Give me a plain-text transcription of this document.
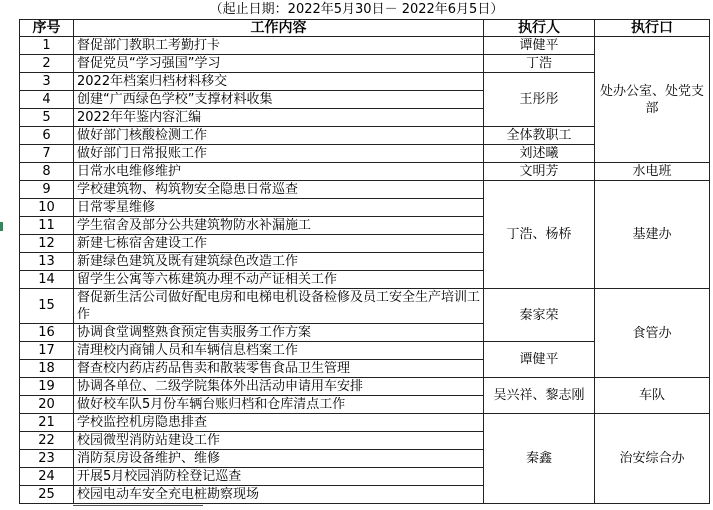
（起止日期：2022年5月30日－ 2022年6月5日）
序号	工作内容	执行人	执行口
1	督促部门教职工考勤打卡	谭健平	处办公室、处党支部
2	督促党员“学习强国”学习	丁浩	
3	2022年档案归档材料移交	王彤彤	
4	创建“广西绿色学校”支撑材料收集		
5	2022年年鉴内容汇编		
6	做好部门核酸检测工作	全体教职工	
7	做好部门日常报账工作	刘述曦	
8	日常水电维修维护	文明芳	水电班
9	学校建筑物、构筑物安全隐患日常巡查	丁浩、杨桥	基建办
10	日常零星维修		
11	学生宿舍及部分公共建筑物防水补漏施工		
12	新建七栋宿舍建设工作		
13	新建绿色建筑及既有建筑绿色改造工作		
14	留学生公寓等六栋建筑办理不动产证相关工作		
15	督促新生活公司做好配电房和电梯电机设备检修及员工安全生产培训工作	秦家荣	食管办
16	协调食堂调整熟食预定售卖服务工作方案		
17	清理校内商铺人员和车辆信息档案工作	谭健平	
18	督查校内药店药品售卖和散装零售食品卫生管理		
19	协调各单位、二级学院集体外出活动申请用车安排	吴兴祥、黎志刚	车队
20	做好校车队5月份车辆台账归档和仓库清点工作		
21	学校监控机房隐患排查	秦鑫	治安综合办
22	校园微型消防站建设工作		
23	消防泵房设备维护、维修		
24	开展5月校园消防栓登记巡查		
25	校园电动车安全充电桩勘察现场		
